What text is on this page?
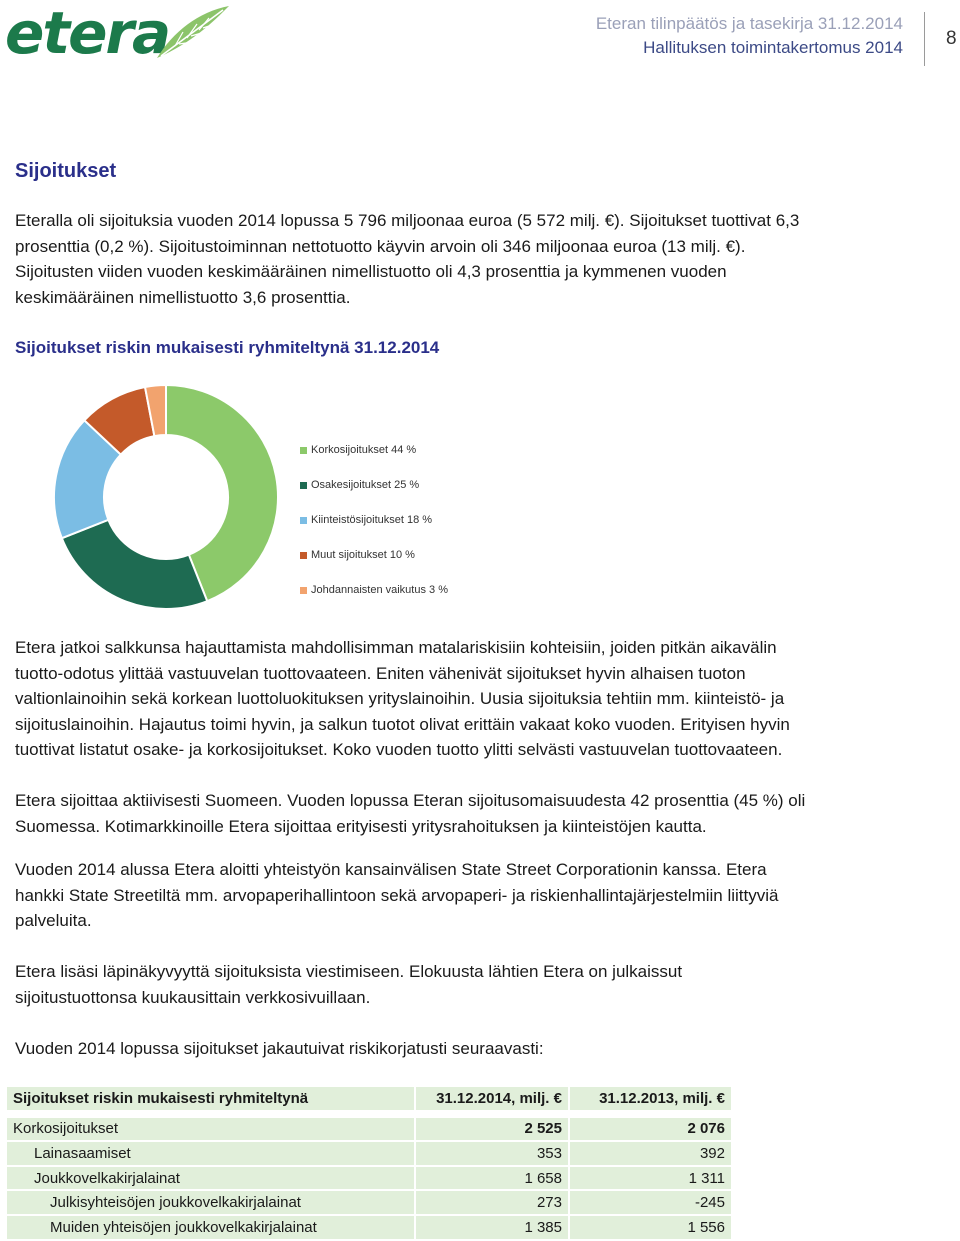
etera	Eteran tilinpäätös ja tasekirja 31.12.2014
Hallituksen toimintakertomus 2014 8
Sijoitukset
Eteralla oli sijoituksia vuoden 2014 lopussa 5 796 miljoonaa euroa (5 572 milj. €). Sijoitukset tuottivat 6,3
prosenttia (0,2 %). Sijoitustoiminnan nettotuotto käyvin arvoin oli 346 miljoonaa euroa (13 milj. €).
Sijoitusten viiden vuoden keskimääräinen nimellistuotto oli 4,3 prosenttia ja kymmenen vuoden
keskimääräinen nimellistuotto 3,6 prosenttia.
Sijoitukset riskin mukaisesti ryhmiteltynä 31.12.2014
Korkosijoitukset 44 %
Osakesijoitukset 25 %
Kiinteistösijoitukset 18 %
Muut sijoitukset 10 %
Johdannaisten vaikutus 3 %
Etera jatkoi salkkunsa hajauttamista mahdollisimman matalariskisiin kohteisiin, joiden pitkän aikavälin
tuotto-odotus ylittää vastuuvelan tuottovaateen. Eniten vähenivät sijoitukset hyvin alhaisen tuoton
valtionlainoihin sekä korkean luottoluokituksen yrityslainoihin. Uusia sijoituksia tehtiin mm. kiinteistö- ja
sijoituslainoihin. Hajautus toimi hyvin, ja salkun tuotot olivat erittäin vakaat koko vuoden. Erityisen hyvin
tuottivat listatut osake- ja korkosijoitukset. Koko vuoden tuotto ylitti selvästi vastuuvelan tuottovaateen.
Etera sijoittaa aktiivisesti Suomeen. Vuoden lopussa Eteran sijoitusomaisuudesta 42 prosenttia (45 %) oli
Suomessa. Kotimarkkinoille Etera sijoittaa erityisesti yritysrahoituksen ja kiinteistöjen kautta.
Vuoden 2014 alussa Etera aloitti yhteistyön kansainvälisen State Street Corporationin kanssa. Etera
hankki State Streetiltä mm. arvopaperihallintoon sekä arvopaperi- ja riskienhallintajärjestelmiin liittyviä
palveluita.
Etera lisäsi läpinäkyvyyttä sijoituksista viestimiseen. Elokuusta lähtien Etera on julkaissut
sijoitustuottonsa kuukausittain verkkosivuillaan.
Vuoden 2014 lopussa sijoitukset jakautuivat riskikorjatusti seuraavasti:
Sijoitukset riskin mukaisesti ryhmiteltynä	31.12.2014, milj. €	31.12.2013, milj. €

Korkosijoitukset	2 525	2 076
Lainasaamiset	353	392
Joukkovelkakirjalainat	1 658	1 311
Julkisyhteisöjen joukkovelkakirjalainat	273	-245
Muiden yhteisöjen joukkovelkakirjalainat	1 385	1 556
